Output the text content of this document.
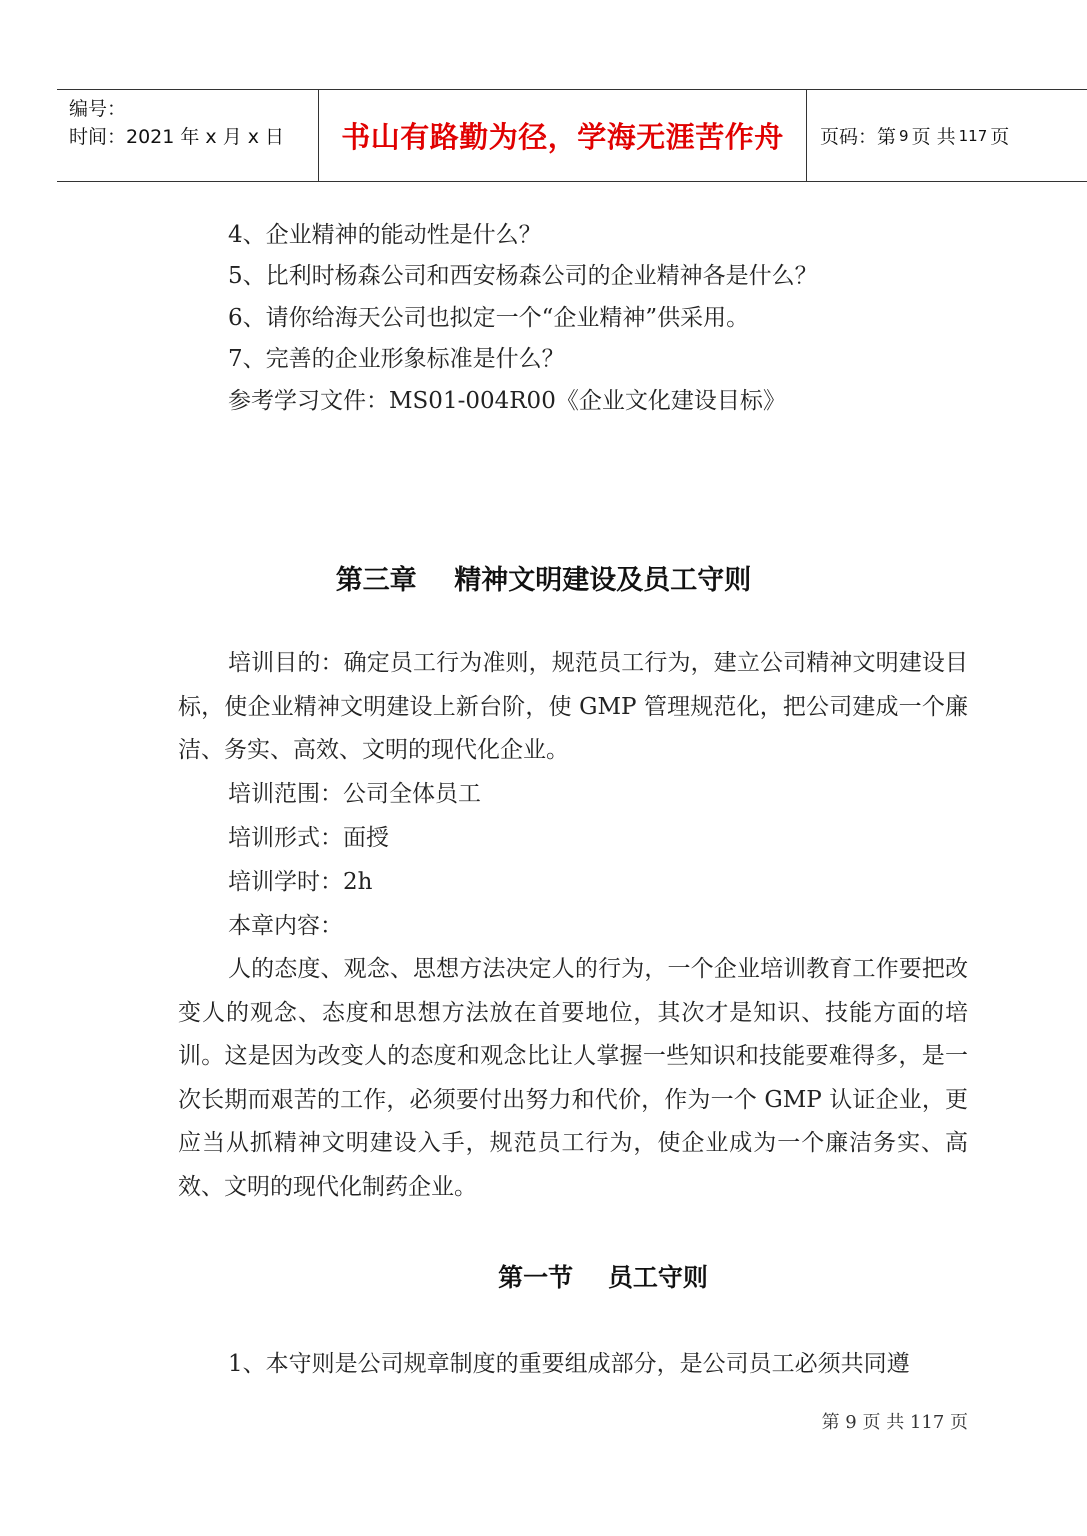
编号：
时间：2021 年 x 月 x 日	书山有路勤为径，学海无涯苦作舟	页码：第 9 页 共 117 页
4、企业精神的能动性是什么？
5、比利时杨森公司和西安杨森公司的企业精神各是什么？
6、请你给海天公司也拟定一个“企业精神”供采用。
7、完善的企业形象标准是什么？
参考学习文件：MS01-004R00《企业文化建设目标》
第三章    精神文明建设及员工守则
培训目的：确定员工行为准则，规范员工行为，建立公司精神文明建设目标，使企业精神文明建设上新台阶，使 GMP 管理规范化，把公司建成一个廉洁、务实、高效、文明的现代化企业。
培训范围：公司全体员工
培训形式：面授
培训学时：2h
本章内容：
人的态度、观念、思想方法决定人的行为，一个企业培训教育工作要把改变人的观念、态度和思想方法放在首要地位，其次才是知识、技能方面的培训。这是因为改变人的态度和观念比让人掌握一些知识和技能要难得多，是一次长期而艰苦的工作，必须要付出努力和代价，作为一个 GMP 认证企业，更应当从抓精神文明建设入手，规范员工行为，使企业成为一个廉洁务实、高效、文明的现代化制药企业。
第一节    员工守则
1、本守则是公司规章制度的重要组成部分，是公司员工必须共同遵
第 9 页 共 117 页
